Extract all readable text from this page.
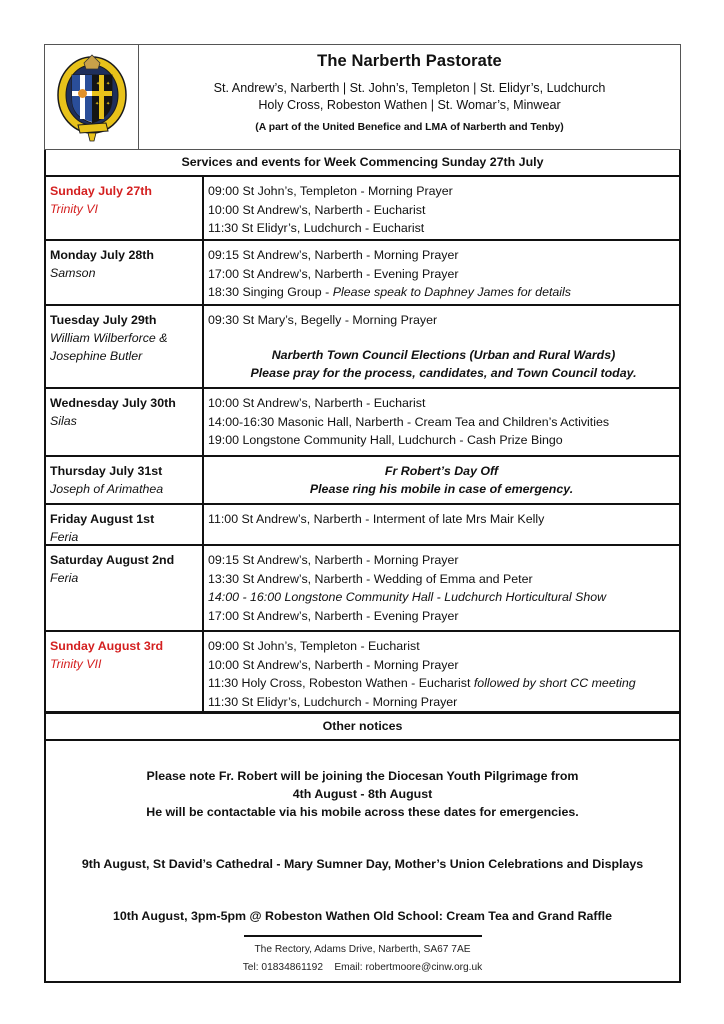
✦ ✦
✦ ✦
The Narberth Pastorate
St. Andrew’s, Narberth | St. John’s, Templeton | St. Elidyr’s, Ludchurch
Holy Cross, Robeston Wathen | St. Womar’s, Minwear
(A part of the United Benefice and LMA of Narberth and Tenby)
Services and events for Week Commencing Sunday 27th July
Sunday July 27th
Trinity VI
09:00 St John’s, Templeton - Morning Prayer
10:00 St Andrew’s, Narberth - Eucharist
11:30 St Elidyr’s, Ludchurch - Eucharist
Monday July 28th
Samson
09:15 St Andrew’s, Narberth - Morning Prayer
17:00 St Andrew’s, Narberth - Evening Prayer
18:30 Singing Group - Please speak to Daphney James for details
Tuesday July 29th
William Wilberforce &
Josephine Butler
09:30 St Mary’s, Begelly - Morning Prayer
Narberth Town Council Elections (Urban and Rural Wards)
Please pray for the process, candidates, and Town Council today.
Wednesday July 30th
Silas
10:00 St Andrew’s, Narberth - Eucharist
14:00-16:30 Masonic Hall, Narberth - Cream Tea and Children’s Activities
19:00 Longstone Community Hall, Ludchurch - Cash Prize Bingo
Thursday July 31st
Joseph of Arimathea
Fr Robert’s Day Off
Please ring his mobile in case of emergency.
Friday August 1st
Feria
11:00 St Andrew’s, Narberth - Interment of late Mrs Mair Kelly
Saturday August 2nd
Feria
09:15 St Andrew’s, Narberth - Morning Prayer
13:30 St Andrew’s, Narberth - Wedding of Emma and Peter
14:00 - 16:00 Longstone Community Hall - Ludchurch Horticultural Show
17:00 St Andrew’s, Narberth - Evening Prayer
Sunday August 3rd
Trinity VII
09:00 St John’s, Templeton - Eucharist
10:00 St Andrew’s, Narberth - Morning Prayer
11:30 Holy Cross, Robeston Wathen - Eucharist followed by short CC meeting
11:30 St Elidyr’s, Ludchurch - Morning Prayer
Other notices
Please note Fr. Robert will be joining the Diocesan Youth Pilgrimage from
4th August - 8th August
He will be contactable via his mobile across these dates for emergencies.
9th August, St David’s Cathedral - Mary Sumner Day, Mother’s Union Celebrations and Displays
10th August, 3pm-5pm @ Robeston Wathen Old School: Cream Tea and Grand Raffle
The Rectory, Adams Drive, Narberth, SA67 7AE
Tel: 01834861192 Email: robertmoore@cinw.org.uk
